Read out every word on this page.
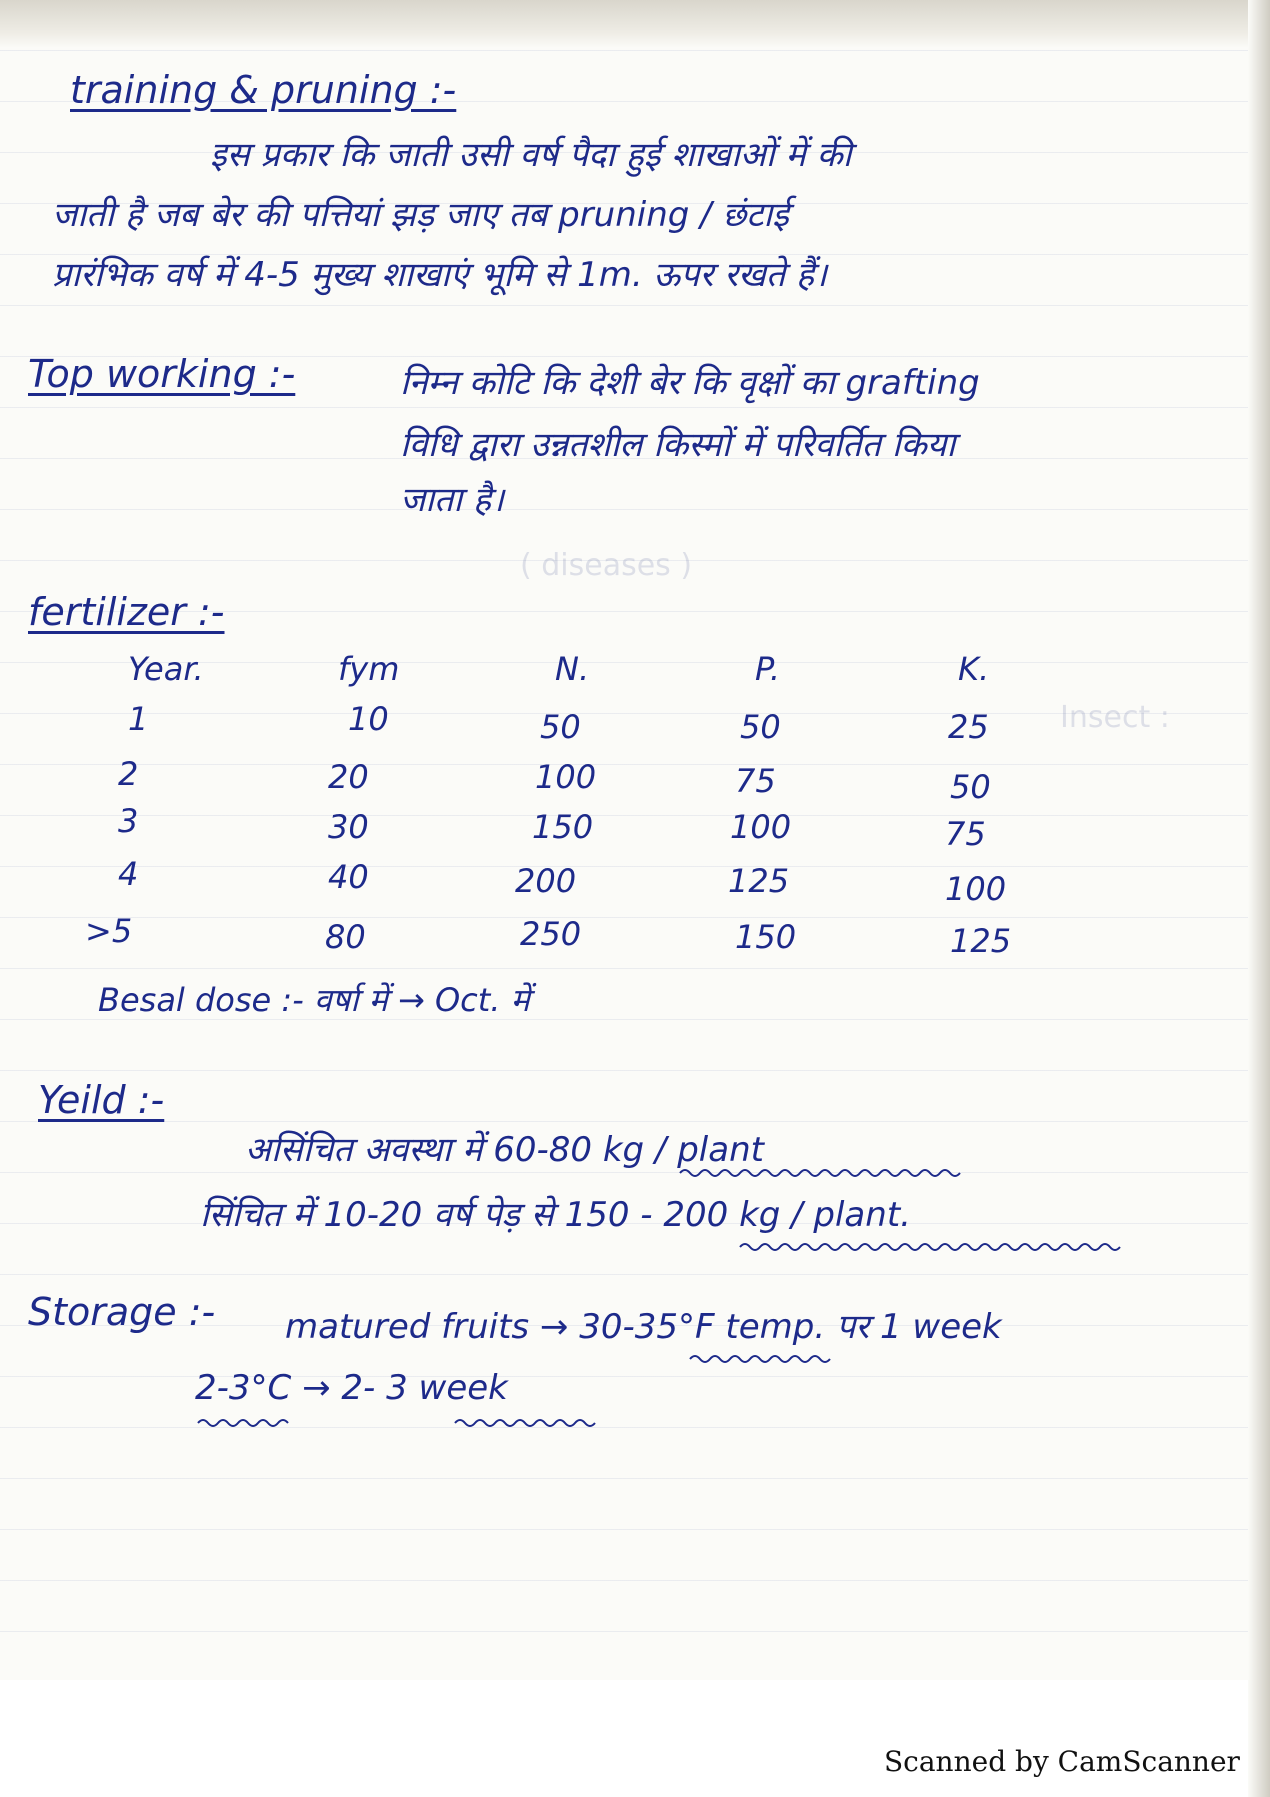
( diseases )
Insect :
training & pruning :-
इस प्रकार कि जाती उसी वर्ष पैदा हुई शाखाओं में की
जाती है जब बेर की पत्तियां झड़ जाए तब pruning / छंटाई
प्रारंभिक वर्ष में 4-5 मुख्य शाखाएं भूमि से 1m. ऊपर रखते हैं।
Top working :-	निम्न कोटि कि देशी बेर कि वृक्षों का grafting
विधि द्वारा उन्नतशील किस्मों में परिवर्तित किया
जाता है।
fertilizer :-
Year.	fym	N.	P.	K.
1	10	50	50	25
2	20	100	75	50
3	30	150	100	75
4	40	200	125	100
>5	80	250	150	125
Besal dose :- वर्षा में → Oct. में
Yeild :-
असिंचित अवस्था में 60-80 kg / plant
सिंचित में 10-20 वर्ष पेड़ से 150 - 200 kg / plant.
Storage :- matured fruits → 30-35°F temp. पर 1 week
2-3°C → 2- 3 week
Scanned by CamScanner
